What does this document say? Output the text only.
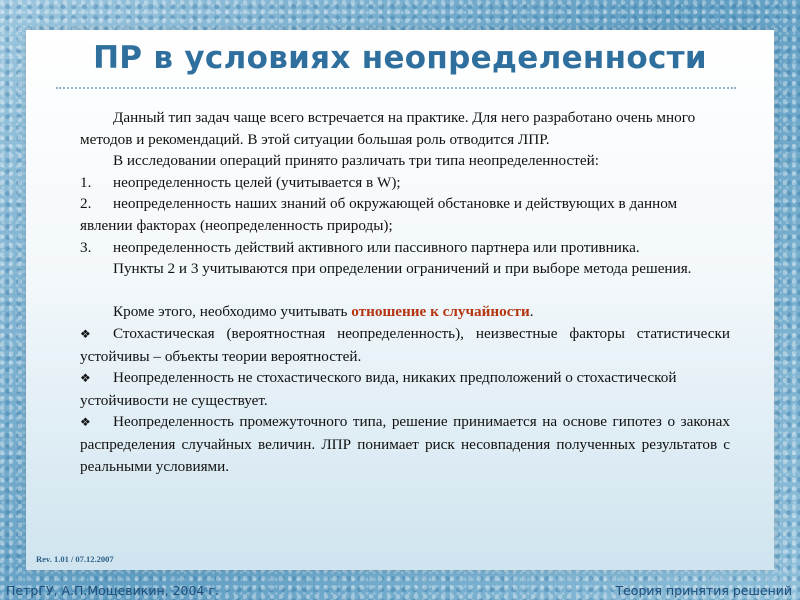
ПР в условиях неопределенности

Данный тип задач чаще всего встречается на практике. Для него разработано очень много методов и рекомендаций. В этой ситуации большая роль отводится ЛПР.

В исследовании операций принято различать три типа неопределенностей:

1. неопределенность целей (учитывается в W);
2. неопределенность наших знаний об окружающей обстановке и действующих в данном явлении факторах (неопределенность природы);
3. неопределенность действий активного или пассивного партнера или противника.

Пункты 2 и 3 учитываются при определении ограничений и при выборе метода решения.

Кроме этого, необходимо учитывать отношение к случайности.

❖ Стохастическая (вероятностная неопределенность), неизвестные факторы статистически устойчивы – объекты теории вероятностей.
❖ Неопределенность не стохастического вида, никаких предположений о стохастической устойчивости не существует.
❖ Неопределенность промежуточного типа, решение принимается на основе гипотез о законах распределения случайных величин. ЛПР понимает риск несовпадения полученных результатов с реальными условиями.
Rev. 1.01 / 07.12.2007
ПетрГУ, А.П.Мощевикин, 2004 г.	Теория принятия решений
